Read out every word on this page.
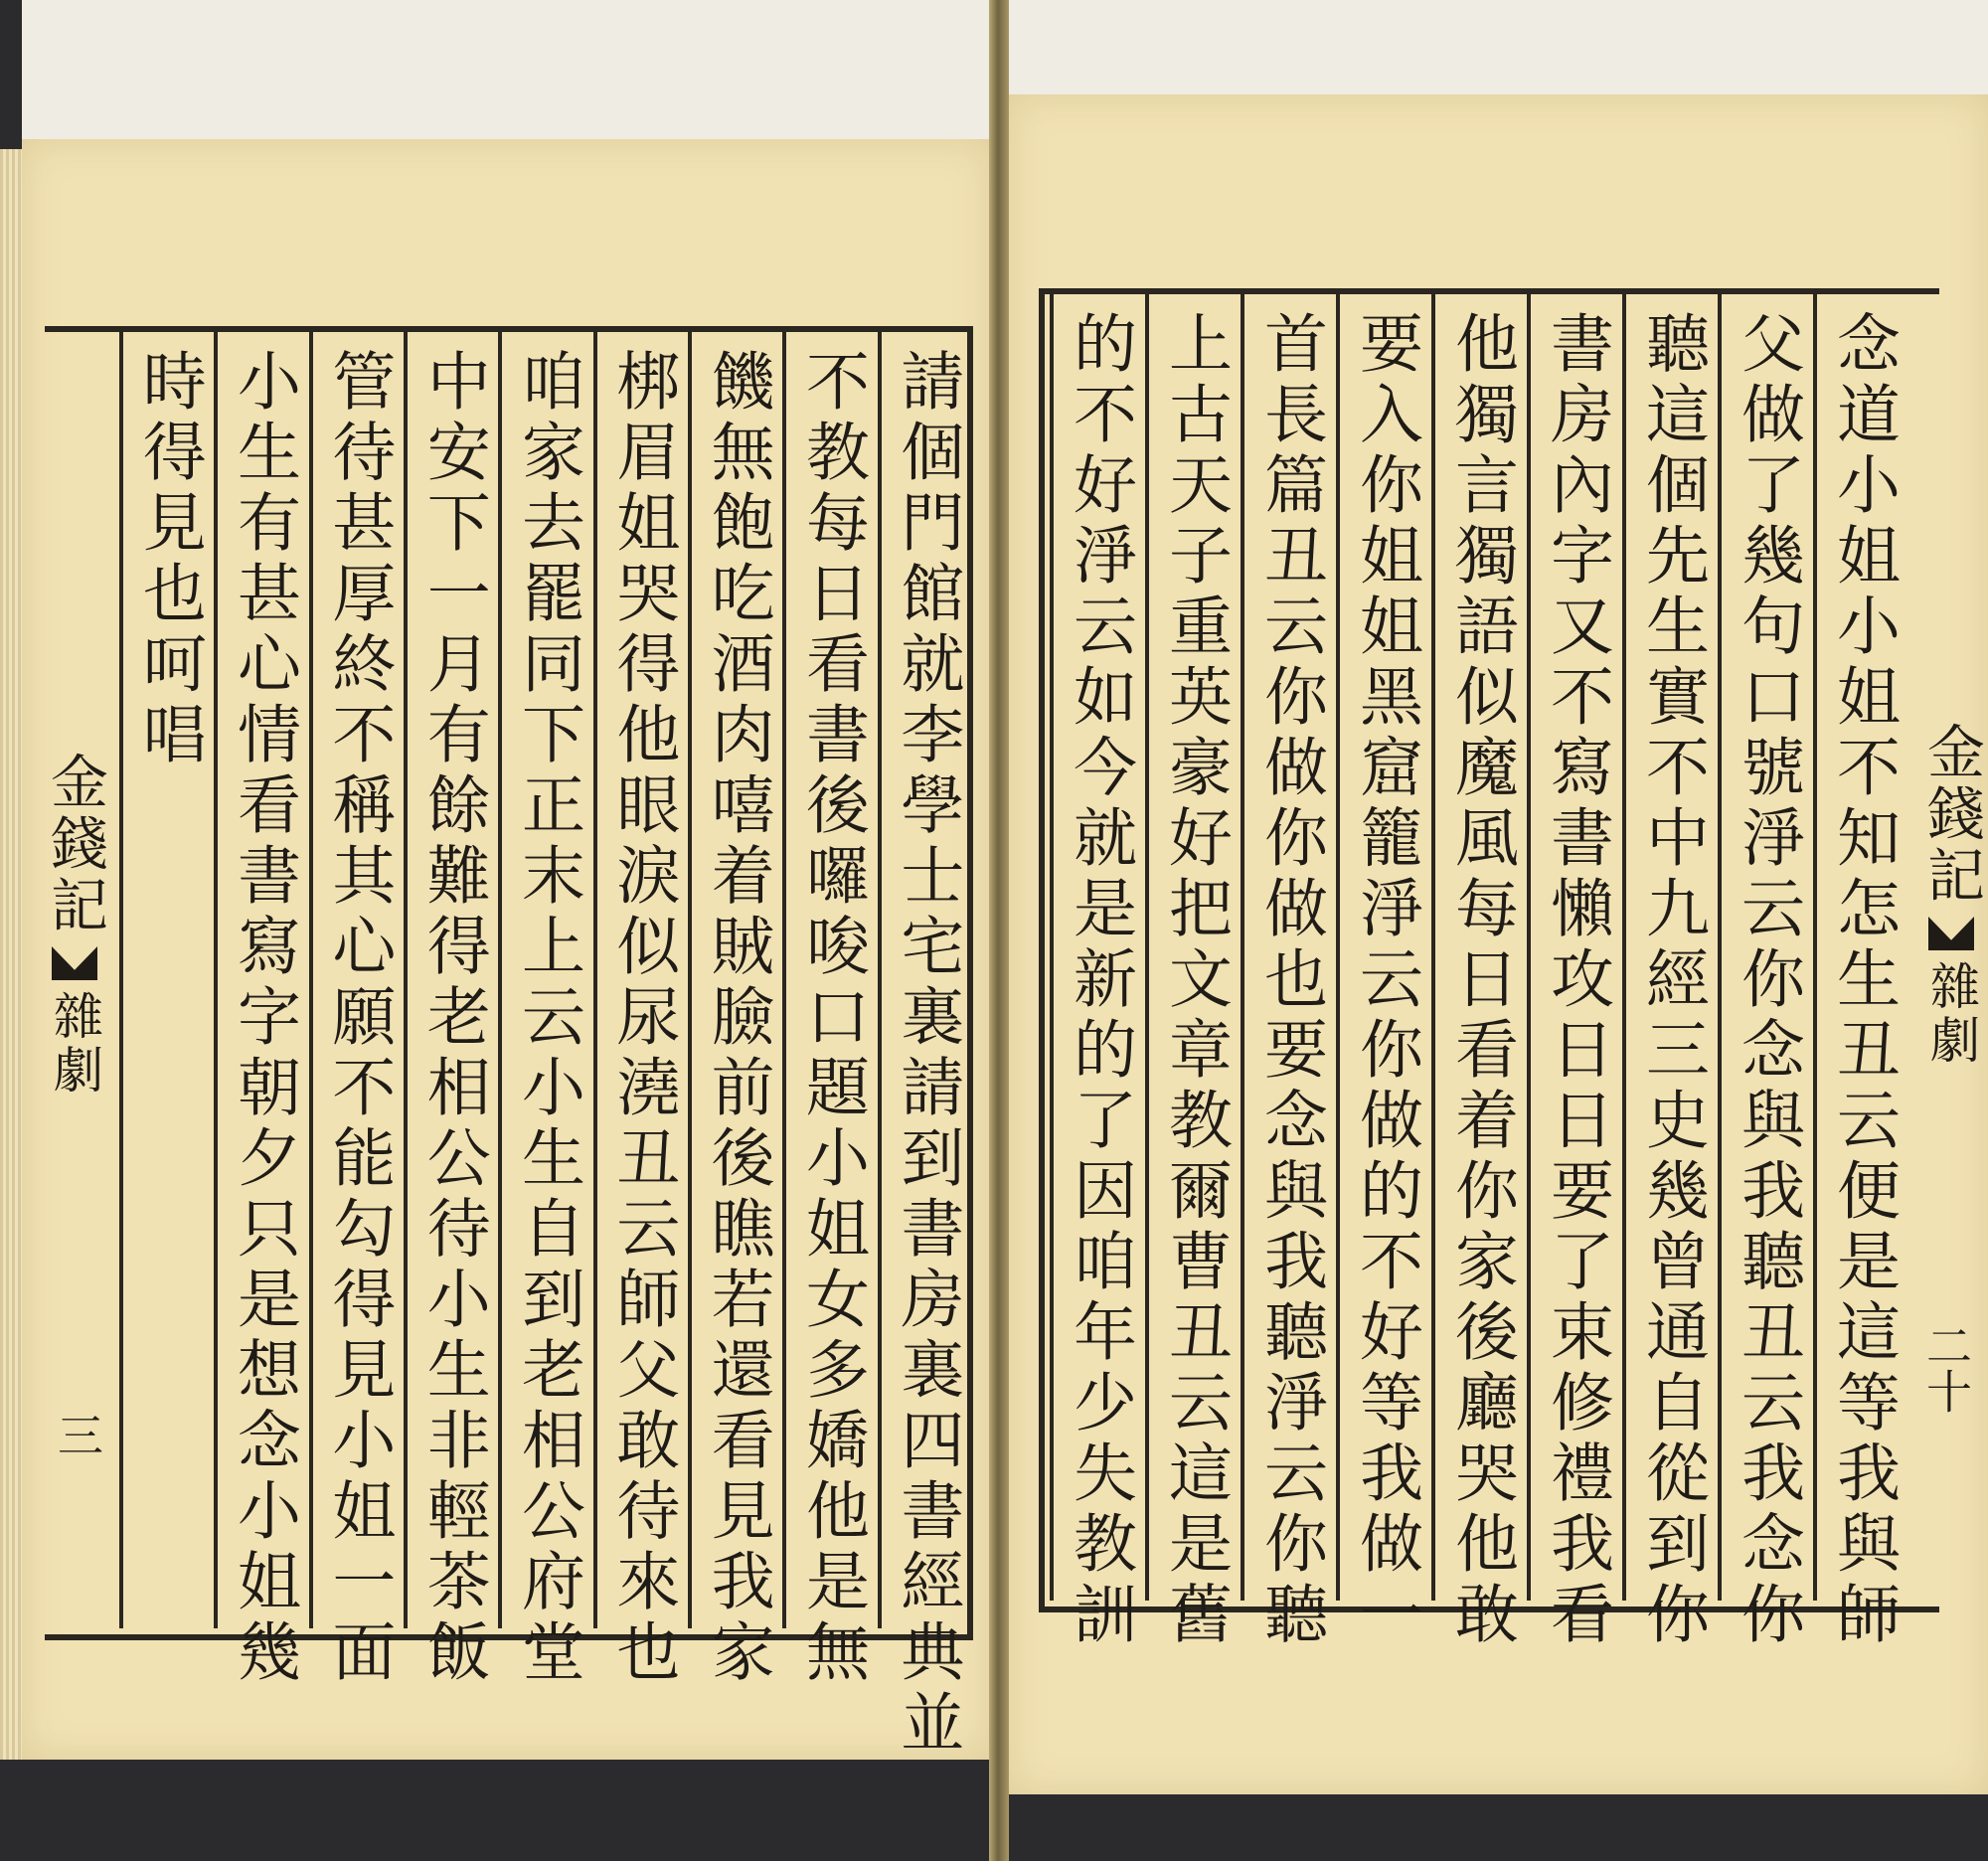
請個門館就李學士宅裏請到書房裏四書經典並
不教每日看書後囉唆口題小姐女多嬌他是無
饑無飽吃酒肉嘻着賊臉前後瞧若還看見我家
梆眉姐哭得他眼淚似尿澆丑云師父敢待來也
咱家去罷同下正末上云小生自到老相公府堂
中安下一月有餘難得老相公待小生非輕茶飯
管待甚厚終不稱其心願不能勾得見小姐一面
小生有甚心情看書寫字朝夕只是想念小姐幾
時得見也呵唱
金錢記
雜劇
三	念道小姐小姐不知怎生丑云便是這等我與師
父做了幾句口號淨云你念與我聽丑云我念你
聽這個先生實不中九經三史幾曾通自從到你
書房內字又不寫書懶攻日日要了束修禮我看
他獨言獨語似魔風每日看着你家後廳哭他敢
要入你姐姐黑窟籠淨云你做的不好等我做一
首長篇丑云你做你做也要念與我聽淨云你聽
上古天子重英豪好把文章教爾曹丑云這是舊
的不好淨云如今就是新的了因咱年少失教訓	金錢記
雜劇
二十
